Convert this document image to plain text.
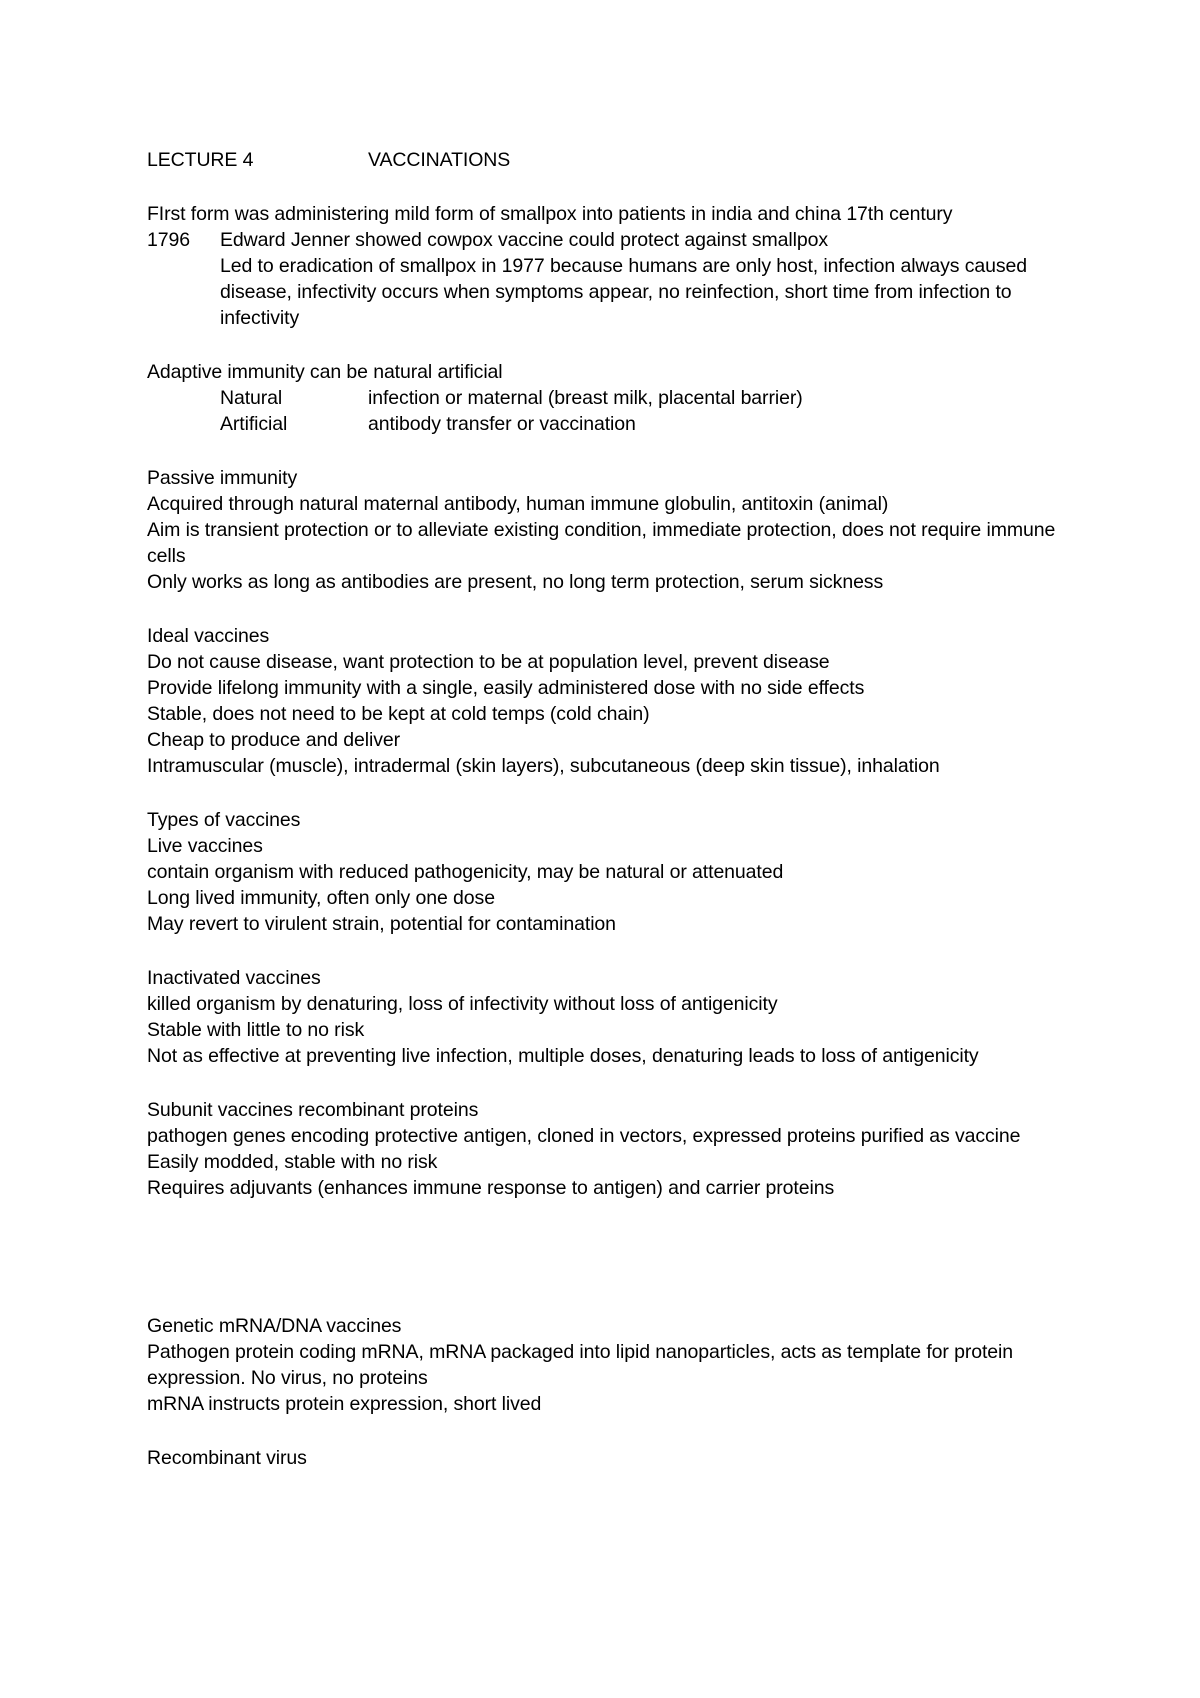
LECTURE 4	VACCINATIONS

FIrst form was administering mild form of smallpox into patients in india and china 17th century

1796	Edward Jenner showed cowpox vaccine could protect against smallpox

Led to eradication of smallpox in 1977 because humans are only host, infection always caused disease, infectivity occurs when symptoms appear, no reinfection, short time from infection to infectivity

Adaptive immunity can be natural artificial

Natural	infection or maternal (breast milk, placental barrier)
Artificial	antibody transfer or vaccination

Passive immunity

Acquired through natural maternal antibody, human immune globulin, antitoxin (animal)

Aim is transient protection or to alleviate existing condition, immediate protection, does not require immune cells

Only works as long as antibodies are present, no long term protection, serum sickness

Ideal vaccines

Do not cause disease, want protection to be at population level, prevent disease

Provide lifelong immunity with a single, easily administered dose with no side effects

Stable, does not need to be kept at cold temps (cold chain)

Cheap to produce and deliver

Intramuscular (muscle), intradermal (skin layers), subcutaneous (deep skin tissue), inhalation

Types of vaccines

Live vaccines

contain organism with reduced pathogenicity, may be natural or attenuated

Long lived immunity, often only one dose

May revert to virulent strain, potential for contamination

Inactivated vaccines

killed organism by denaturing, loss of infectivity without loss of antigenicity

Stable with little to no risk

Not as effective at preventing live infection, multiple doses, denaturing leads to loss of antigenicity

Subunit vaccines recombinant proteins

pathogen genes encoding protective antigen, cloned in vectors, expressed proteins purified as vaccine

Easily modded, stable with no risk

Requires adjuvants (enhances immune response to antigen) and carrier proteins

Genetic mRNA/DNA vaccines

Pathogen protein coding mRNA, mRNA packaged into lipid nanoparticles, acts as template for protein expression. No virus, no proteins

mRNA instructs protein expression, short lived

Recombinant virus
